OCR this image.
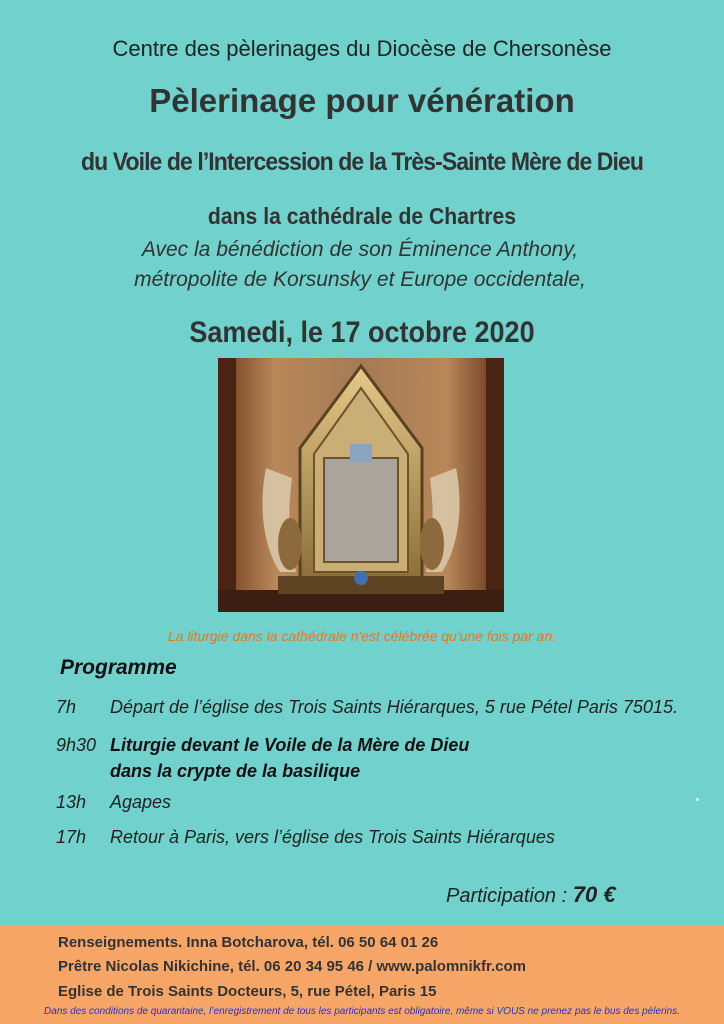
Centre des pèlerinages du Diocèse de Chersonèse
Pèlerinage pour vénération
du Voile de l’Intercession de la Très-Sainte Mère de Dieu
dans la cathédrale de Chartres
Avec la bénédiction de son Éminence Anthony,
métropolite de Korsunsky et Europe occidentale,
Samedi, le 17 octobre 2020
La liturgie dans la cathédrale n'est célébrée qu'une fois par an.
Programme
7h Départ de l’église des Trois Saints Hiérarques, 5 rue Pétel Paris 75015.
9h30 Liturgie devant le Voile de la Mère de Dieu
dans la crypte de la basilique
13h Agapes
17h Retour à Paris, vers l’église des Trois Saints Hiérarques
Participation : 70 €
Renseignements. Inna Botcharova, tél. 06 50 64 01 26
Prêtre Nicolas Nikichine, tél. 06 20 34 95 46 / www.palomnikfr.com
Eglise de Trois Saints Docteurs, 5, rue Pétel, Paris 15
Dans des conditions de quarantaine, l’enregistrement de tous les participants est obligatoire, même si VOUS ne prenez pas le bus des pèlerins.
